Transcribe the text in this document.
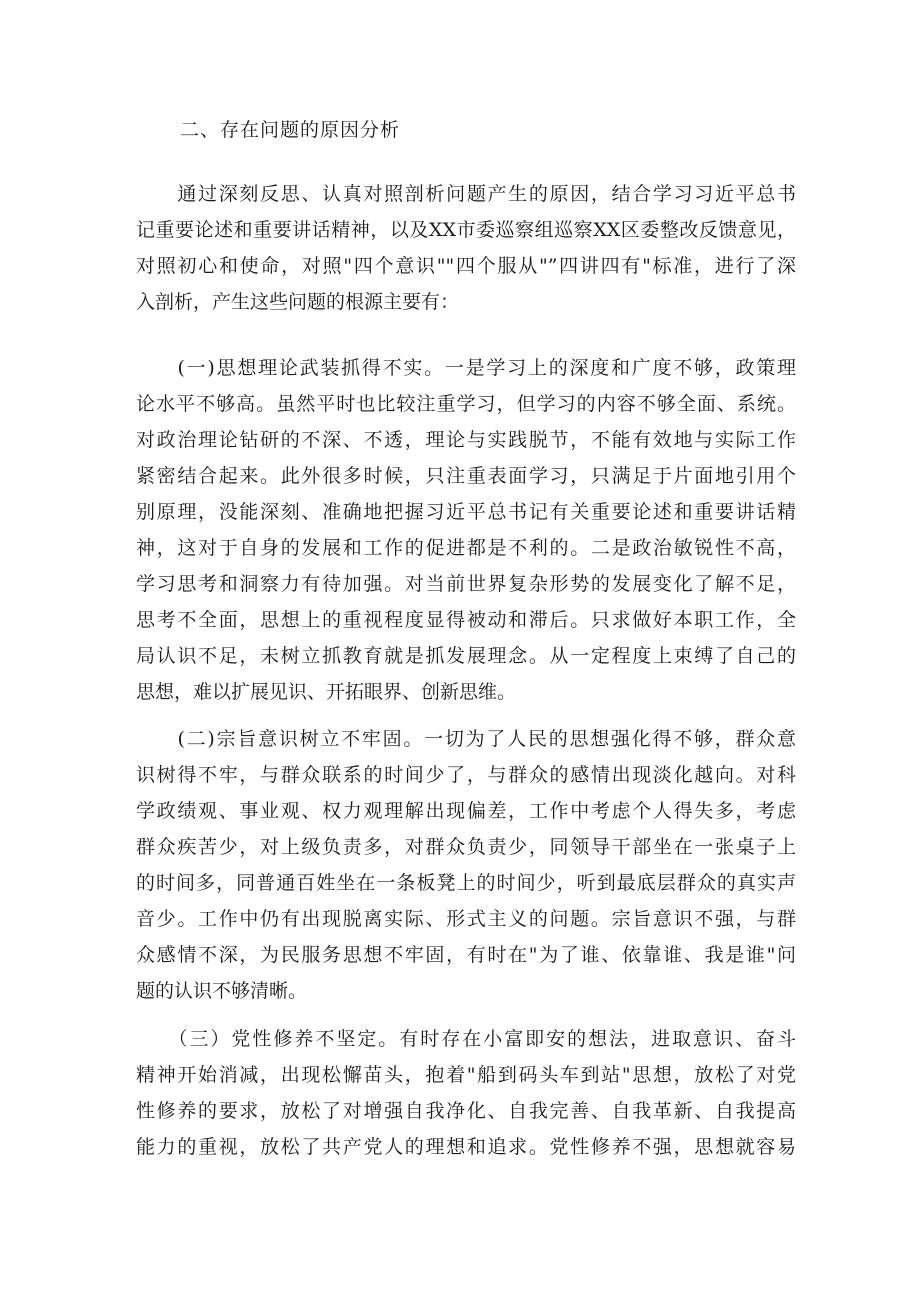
二、存在问题的原因分析
　　通过深刻反思、认真对照剖析问题产生的原因，结合学习习近平总书
记重要论述和重要讲话精神，以及XX市委巡察组巡察XX区委整改反馈意见，
对照初心和使命，对照"四个意识""四个服从"”四讲四有"标准，进行了深
入剖析，产生这些问题的根源主要有：
　　(一)思想理论武装抓得不实。一是学习上的深度和广度不够，政策理
论水平不够高。虽然平时也比较注重学习，但学习的内容不够全面、系统。
对政治理论钻研的不深、不透，理论与实践脱节，不能有效地与实际工作
紧密结合起来。此外很多时候，只注重表面学习，只满足于片面地引用个
别原理，没能深刻、准确地把握习近平总书记有关重要论述和重要讲话精
神，这对于自身的发展和工作的促进都是不利的。二是政治敏锐性不高，
学习思考和洞察力有待加强。对当前世界复杂形势的发展变化了解不足，
思考不全面，思想上的重视程度显得被动和滞后。只求做好本职工作，全
局认识不足，未树立抓教育就是抓发展理念。从一定程度上束缚了自己的
思想，难以扩展见识、开拓眼界、创新思维。
　　(二)宗旨意识树立不牢固。一切为了人民的思想强化得不够，群众意
识树得不牢，与群众联系的时间少了，与群众的感情出现淡化越向。对科
学政绩观、事业观、权力观理解出现偏差，工作中考虑个人得失多，考虑
群众疾苦少，对上级负责多，对群众负责少，同领导干部坐在一张桌子上
的时间多，同普通百姓坐在一条板凳上的时间少，听到最底层群众的真实声
音少。工作中仍有出现脱离实际、形式主义的问题。宗旨意识不强，与群
众感情不深，为民服务思想不牢固，有时在"为了谁、依靠谁、我是谁"问
题的认识不够清晰。
　　（三）党性修养不坚定。有时存在小富即安的想法，进取意识、奋斗
精神开始消减，出现松懈苗头，抱着"船到码头车到站"思想，放松了对党
性修养的要求，放松了对增强自我净化、自我完善、自我革新、自我提高
能力的重视，放松了共产党人的理想和追求。党性修养不强，思想就容易
